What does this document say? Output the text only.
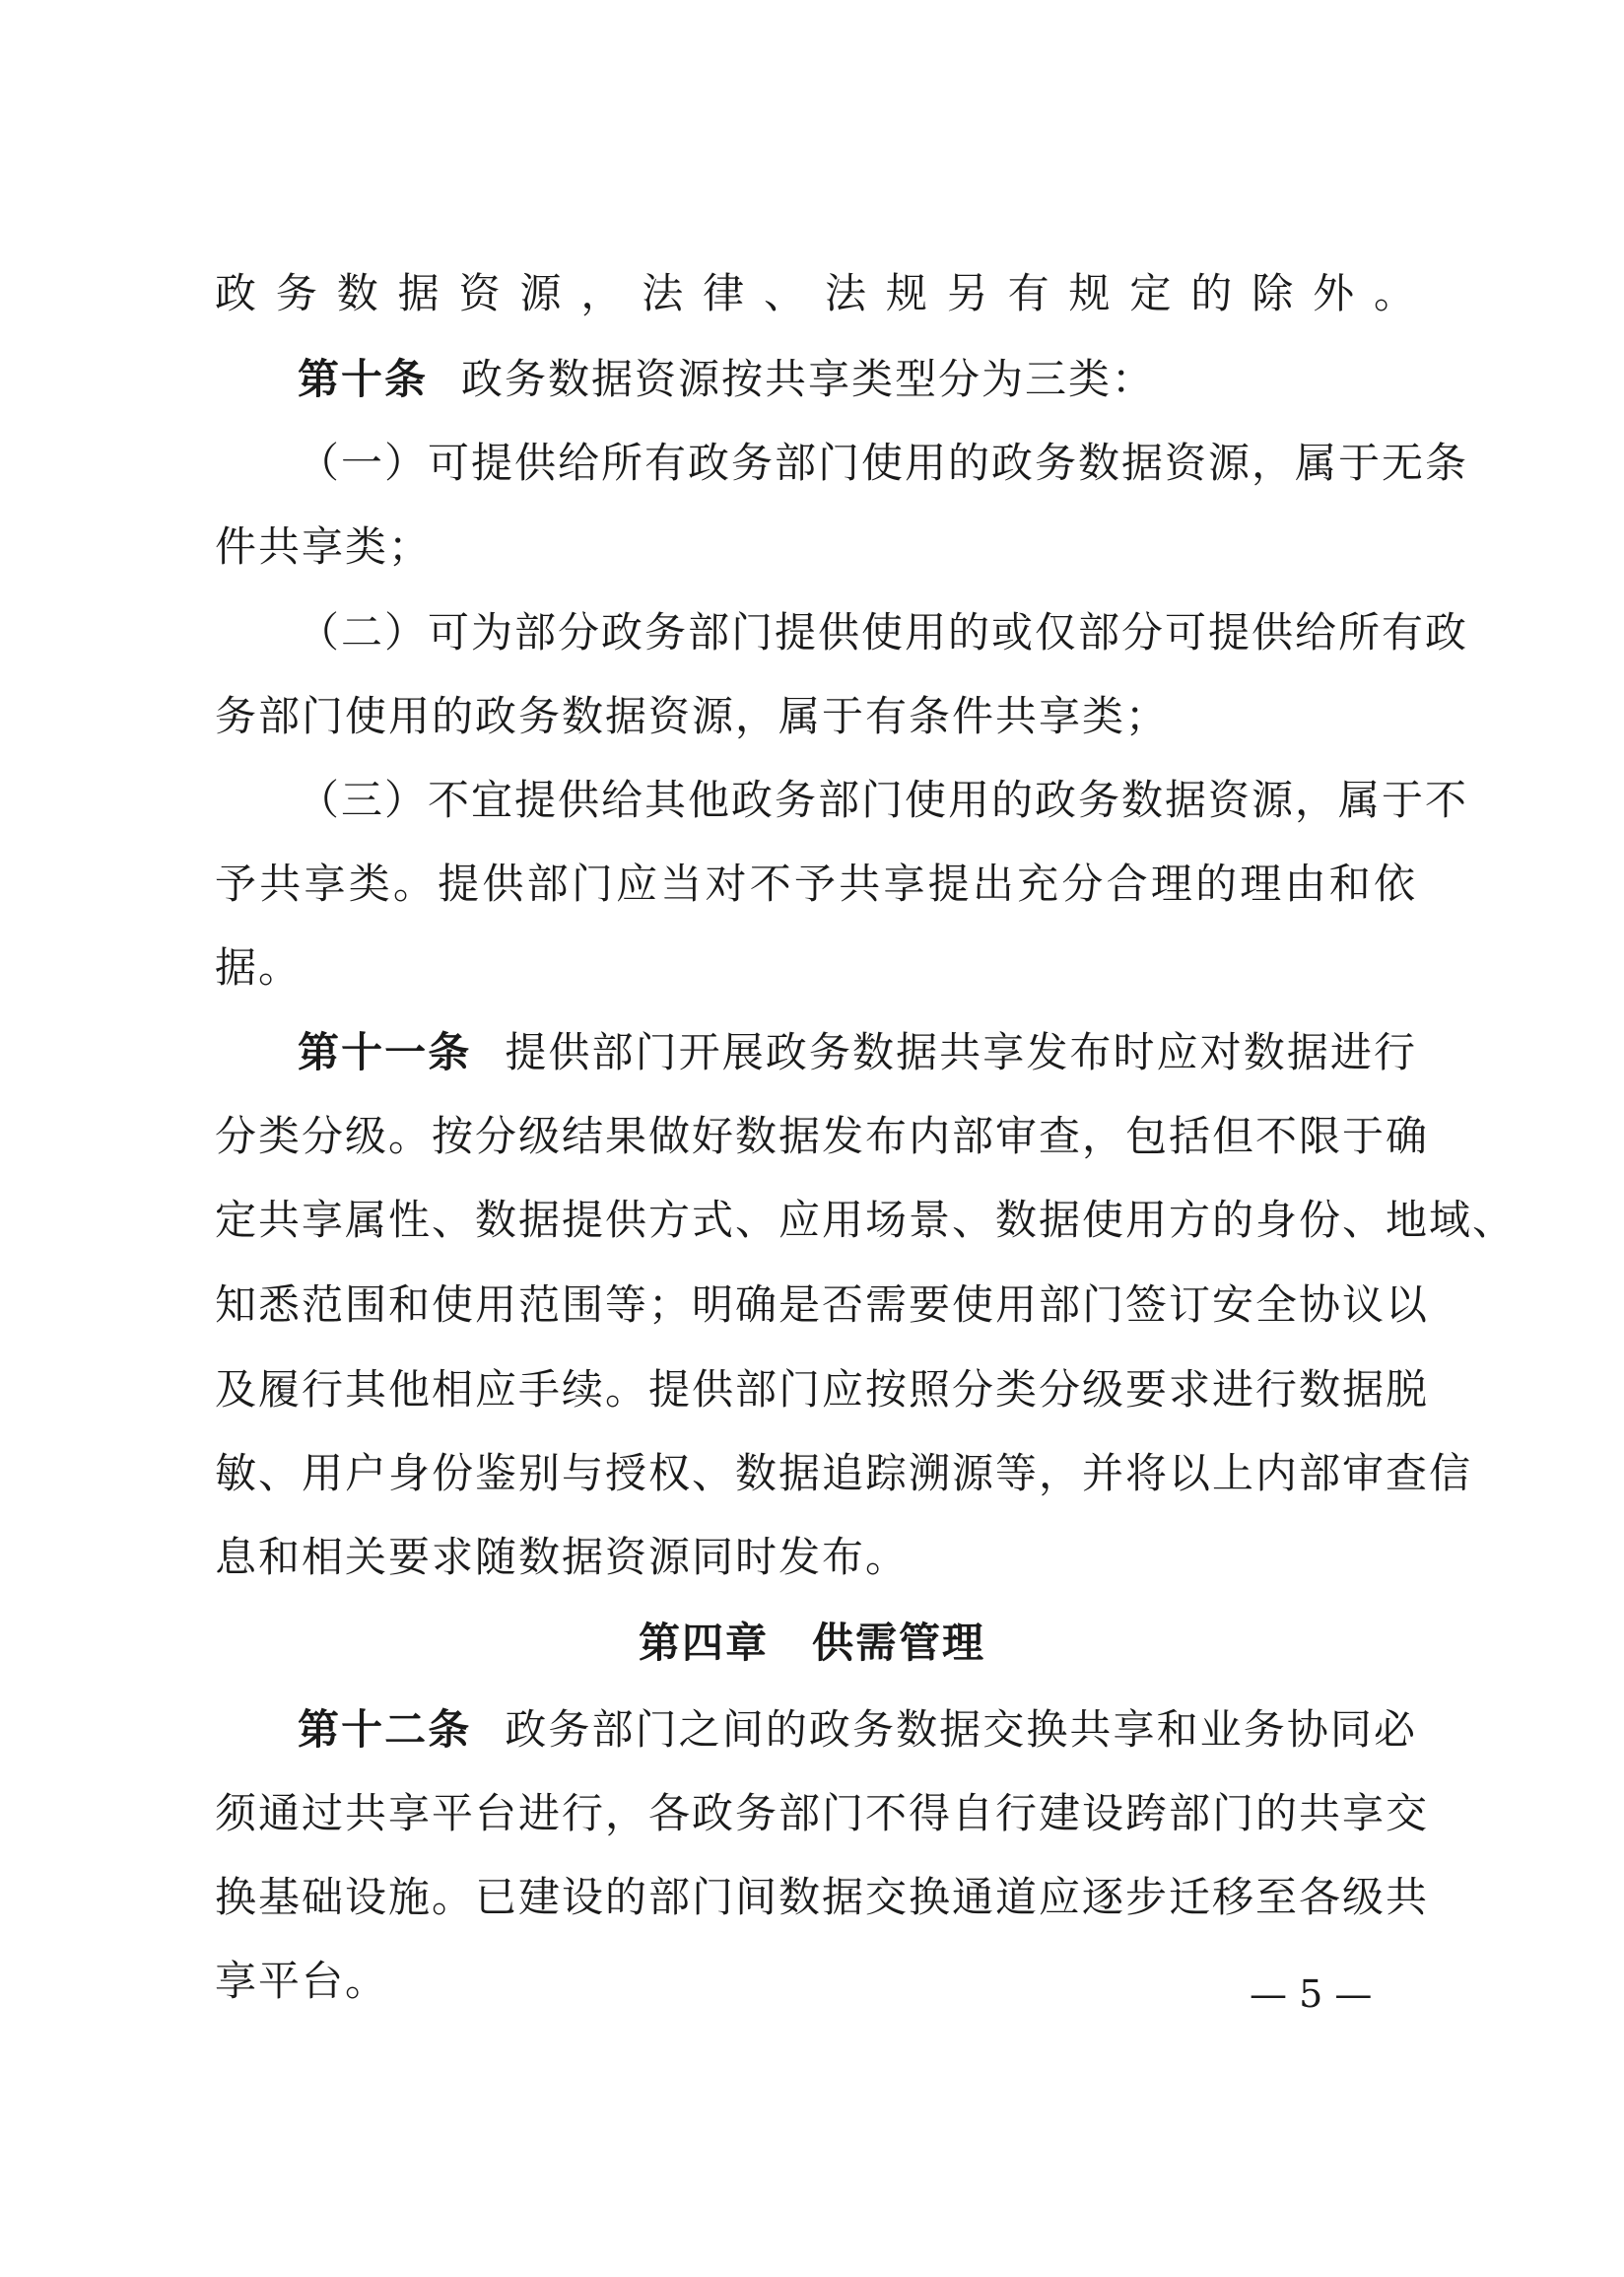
政务数据资源，法律、法规另有规定的除外。
第十条 政务数据资源按共享类型分为三类：
（一）可提供给所有政务部门使用的政务数据资源，属于无条
件共享类；
（二）可为部分政务部门提供使用的或仅部分可提供给所有政
务部门使用的政务数据资源，属于有条件共享类；
（三）不宜提供给其他政务部门使用的政务数据资源，属于不
予共享类。提供部门应当对不予共享提出充分合理的理由和依
据。
第十一条 提供部门开展政务数据共享发布时应对数据进行
分类分级。按分级结果做好数据发布内部审查，包括但不限于确
定共享属性、数据提供方式、应用场景、数据使用方的身份、地域、
知悉范围和使用范围等；明确是否需要使用部门签订安全协议以
及履行其他相应手续。提供部门应按照分类分级要求进行数据脱
敏、用户身份鉴别与授权、数据追踪溯源等，并将以上内部审查信
息和相关要求随数据资源同时发布。
第四章 供需管理
第十二条 政务部门之间的政务数据交换共享和业务协同必
须通过共享平台进行，各政务部门不得自行建设跨部门的共享交
换基础设施。已建设的部门间数据交换通道应逐步迁移至各级共
享平台。	— 5 —
